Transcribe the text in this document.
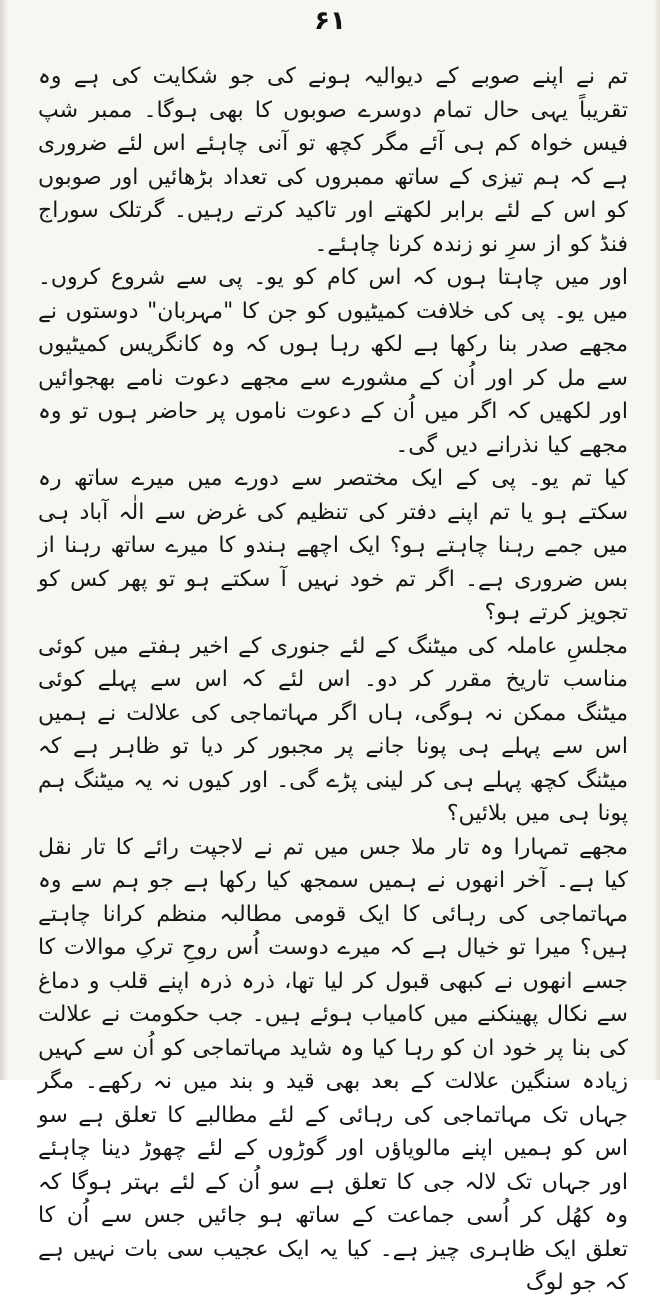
۶۱

تم نے اپنے صوبے کے دیوالیہ ہونے کی جو شکایت کی ہے وہ تقریباً یہی حال تمام دوسرے صوبوں کا بھی ہوگا۔ ممبر شپ فیس خواہ کم ہی آئے مگر کچھ تو آنی چاہئے اس لئے ضروری ہے کہ ہم تیزی کے ساتھ ممبروں کی تعداد بڑھائیں اور صوبوں کو اس کے لئے برابر لکھتے اور تاکید کرتے رہیں۔ گرتلک سوراج فنڈ کو از سرِ نو زندہ کرنا چاہئے۔

اور میں چاہتا ہوں کہ اس کام کو یو۔ پی سے شروع کروں۔ میں یو۔ پی کی خلافت کمیٹیوں کو جن کا "مہربان" دوستوں نے مجھے صدر بنا رکھا ہے لکھ رہا ہوں کہ وہ کانگریس کمیٹیوں سے مل کر اور اُن کے مشورے سے مجھے دعوت نامے بھجوائیں اور لکھیں کہ اگر میں اُن کے دعوت ناموں پر حاضر ہوں تو وہ مجھے کیا نذرانے دیں گی۔

کیا تم یو۔ پی کے ایک مختصر سے دورے میں میرے ساتھ رہ سکتے ہو یا تم اپنے دفتر کی تنظیم کی غرض سے الٰہ آباد ہی میں جمے رہنا چاہتے ہو؟ ایک اچھے ہندو کا میرے ساتھ رہنا از بس ضروری ہے۔ اگر تم خود نہیں آ سکتے ہو تو پھر کس کو تجویز کرتے ہو؟

مجلسِ عاملہ کی میٹنگ کے لئے جنوری کے اخیر ہفتے میں کوئی مناسب تاریخ مقرر کر دو۔ اس لئے کہ اس سے پہلے کوئی میٹنگ ممکن نہ ہوگی، ہاں اگر مہاتماجی کی علالت نے ہمیں اس سے پہلے ہی پونا جانے پر مجبور کر دیا تو ظاہر ہے کہ میٹنگ کچھ پہلے ہی کر لینی پڑے گی۔ اور کیوں نہ یہ میٹنگ ہم پونا ہی میں بلائیں؟

مجھے تمہارا وہ تار ملا جس میں تم نے لاجپت رائے کا تار نقل کیا ہے۔ آخر انھوں نے ہمیں سمجھ کیا رکھا ہے جو ہم سے وہ مہاتماجی کی رہائی کا ایک قومی مطالبہ منظم کرانا چاہتے ہیں؟ میرا تو خیال ہے کہ میرے دوست اُس روحِ ترکِ موالات کا جسے انھوں نے کبھی قبول کر لیا تھا، ذرہ ذرہ اپنے قلب و دماغ سے نکال پھینکنے میں کامیاب ہوئے ہیں۔ جب حکومت نے علالت کی بنا پر خود ان کو رہا کیا وہ شاید مہاتماجی کو اُن سے کہیں زیادہ سنگین علالت کے بعد بھی قید و بند میں نہ رکھے۔ مگر جہاں تک مہاتماجی کی رہائی کے لئے مطالبے کا تعلق ہے سو اس کو ہمیں اپنے مالویاؤں اور گوڑوں کے لئے چھوڑ دینا چاہئے اور جہاں تک لالہ جی کا تعلق ہے سو اُن کے لئے بہتر ہوگا کہ وہ کھُل کر اُسی جماعت کے ساتھ ہو جائیں جس سے اُن کا تعلق ایک ظاہری چیز ہے۔ کیا یہ ایک عجیب سی بات نہیں ہے کہ جو لوگ
